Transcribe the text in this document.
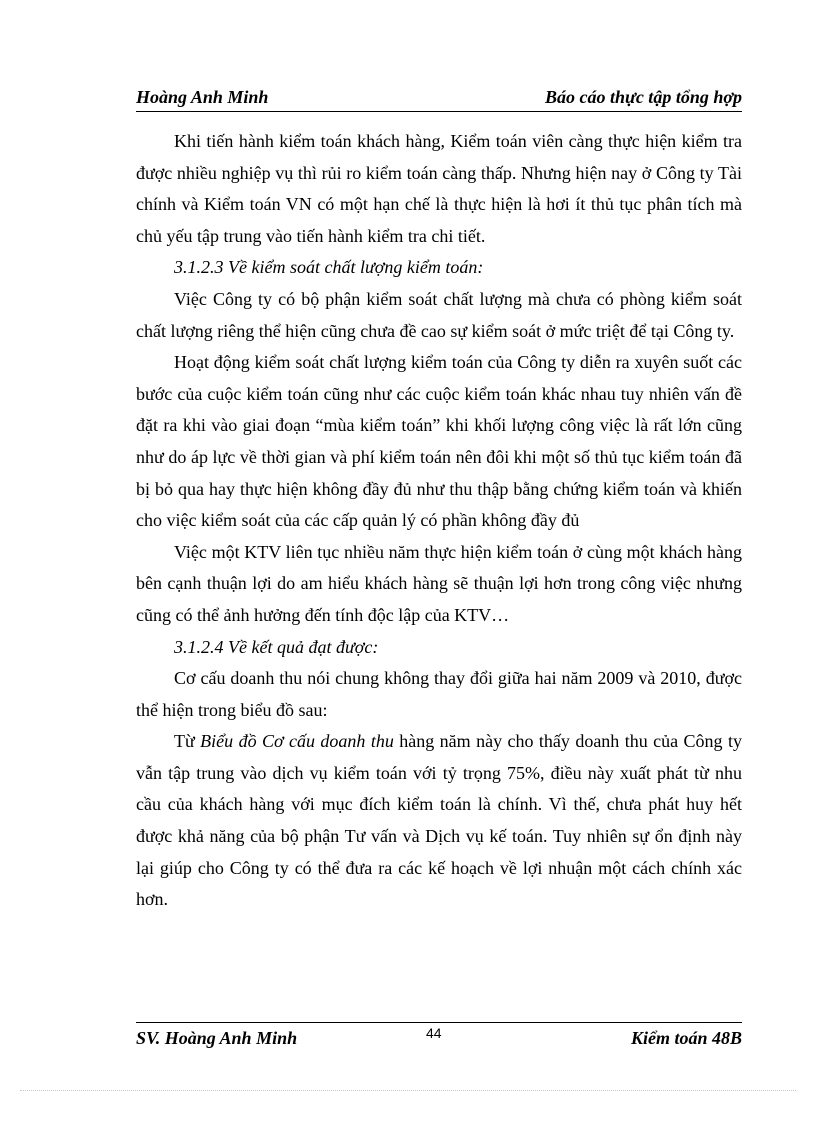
Hoàng Anh Minh	Báo cáo thực tập tổng hợp

Khi tiến hành kiểm toán khách hàng, Kiểm toán viên càng thực hiện kiểm tra được nhiều nghiệp vụ thì rủi ro kiểm toán càng thấp. Nhưng hiện nay ở Công ty Tài chính và Kiểm toán VN có một hạn chế là thực hiện là hơi ít thủ tục phân tích mà chủ yếu tập trung vào tiến hành kiểm tra chi tiết.

3.1.2.3 Về kiểm soát chất lượng kiểm toán:

Việc Công ty có bộ phận kiểm soát chất lượng mà chưa có phòng kiểm soát chất lượng riêng thể hiện cũng chưa đề cao sự kiểm soát ở mức triệt để tại Công ty.

Hoạt động kiểm soát chất lượng kiểm toán của Công ty diễn ra xuyên suốt các bước của cuộc kiểm toán cũng như các cuộc kiểm toán khác nhau tuy nhiên vấn đề đặt ra khi vào giai đoạn “mùa kiểm toán” khi khối lượng công việc là rất lớn cũng như do áp lực về thời gian và phí kiểm toán nên đôi khi một số thủ tục kiểm toán đã bị bỏ qua hay thực hiện không đầy đủ như thu thập bằng chứng kiểm toán và khiến cho việc kiểm soát của các cấp quản lý có phần không đầy đủ

Việc một KTV liên tục nhiều năm thực hiện kiểm toán ở cùng một khách hàng bên cạnh thuận lợi do am hiểu khách hàng sẽ thuận lợi hơn trong công việc nhưng cũng có thể ảnh hưởng đến tính độc lập của KTV…

3.1.2.4 Về kết quả đạt được:

Cơ cấu doanh thu nói chung không thay đổi giữa hai năm 2009 và 2010, được thể hiện trong biểu đồ sau:

Từ Biểu đồ Cơ cấu doanh thu hàng năm này cho thấy doanh thu của Công ty vẫn tập trung vào dịch vụ kiểm toán với tỷ trọng 75%, điều này xuất phát từ nhu cầu của khách hàng với mục đích kiểm toán là chính. Vì thế, chưa phát huy hết được khả năng của bộ phận Tư vấn và Dịch vụ kế toán. Tuy nhiên sự ổn định này lại giúp cho Công ty có thể đưa ra các kế hoạch về lợi nhuận một cách chính xác hơn.

SV. Hoàng Anh Minh	44	Kiểm toán 48B
